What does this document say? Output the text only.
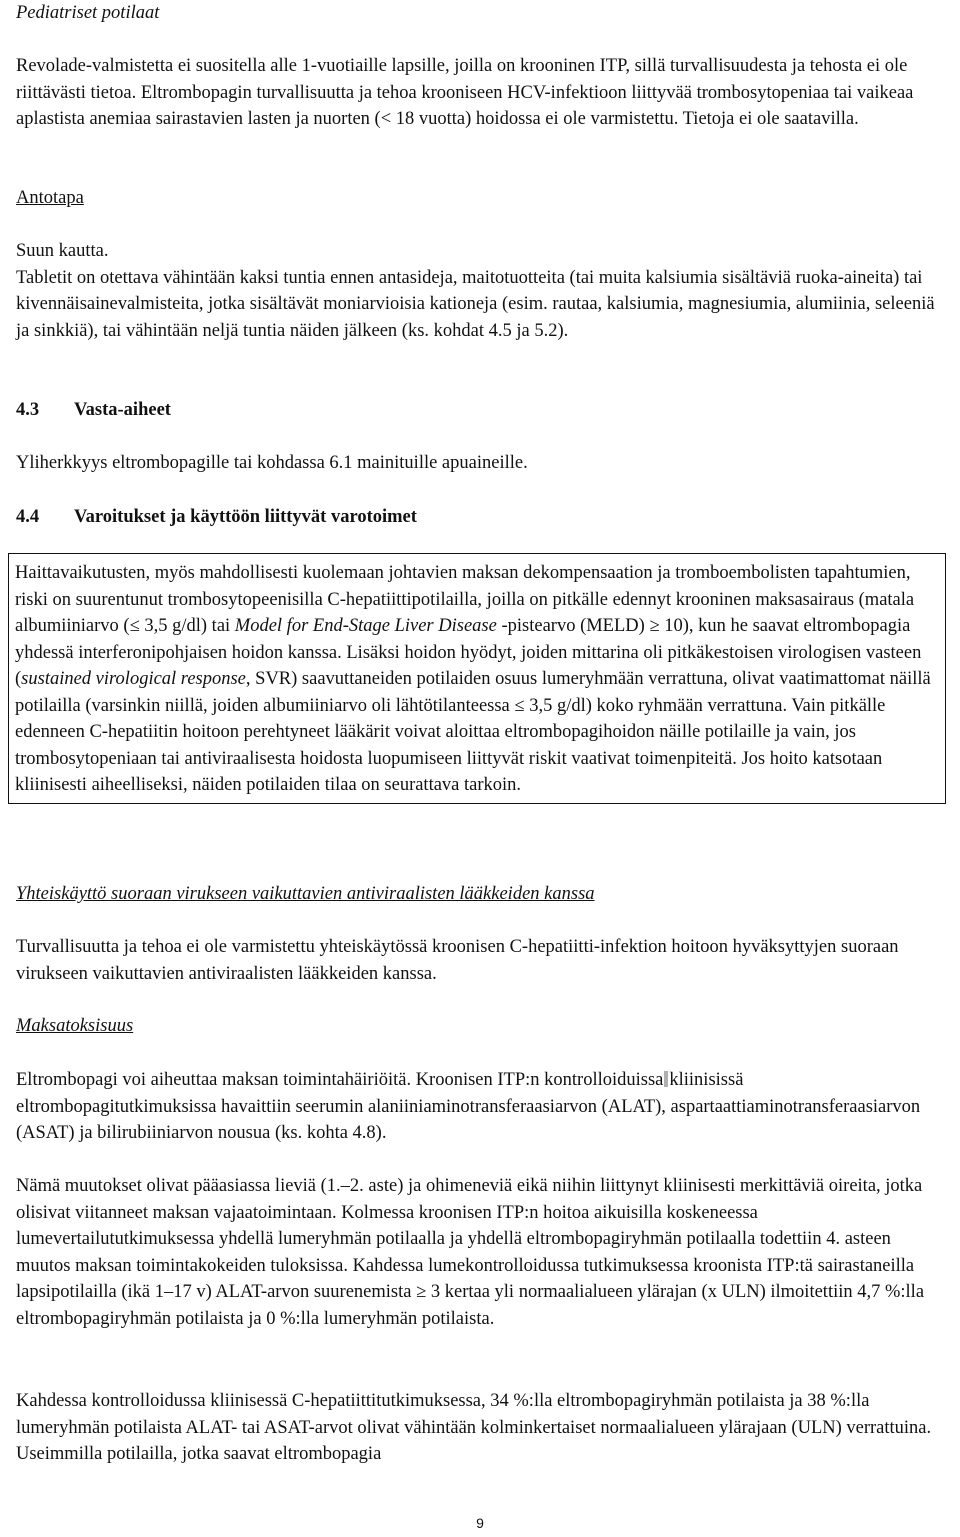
Pediatriset potilaat

Revolade-valmistetta ei suositella alle 1-vuotiaille lapsille, joilla on krooninen ITP, sillä turvallisuudesta ja tehosta ei ole riittävästi tietoa. Eltrombopagin turvallisuutta ja tehoa krooniseen HCV-infektioon liittyvää trombosytopeniaa tai vaikeaa aplastista anemiaa sairastavien lasten ja nuorten (< 18 vuotta) hoidossa ei ole varmistettu. Tietoja ei ole saatavilla.

Antotapa

Suun kautta.
Tabletit on otettava vähintään kaksi tuntia ennen antasideja, maitotuotteita (tai muita kalsiumia sisältäviä ruoka-aineita) tai kivennäisainevalmisteita, jotka sisältävät moniarvioisia kationeja (esim. rautaa, kalsiumia, magnesiumia, alumiinia, seleeniä ja sinkkiä), tai vähintään neljä tuntia näiden jälkeen (ks. kohdat 4.5 ja 5.2).

4.3 Vasta-aiheet

Yliherkkyys eltrombopagille tai kohdassa 6.1 mainituille apuaineille.

4.4 Varoitukset ja käyttöön liittyvät varotoimet

Haittavaikutusten, myös mahdollisesti kuolemaan johtavien maksan dekompensaation ja tromboembolisten tapahtumien, riski on suurentunut trombosytopeenisilla C-hepatiittipotilailla, joilla on pitkälle edennyt krooninen maksasairaus (matala albumiiniarvo (≤ 3,5 g/dl) tai Model for End-Stage Liver Disease -pistearvo (MELD) ≥ 10), kun he saavat eltrombopagia yhdessä interferonipohjaisen hoidon kanssa. Lisäksi hoidon hyödyt, joiden mittarina oli pitkäkestoisen virologisen vasteen (sustained virological response, SVR) saavuttaneiden potilaiden osuus lumeryhmään verrattuna, olivat vaatimattomat näillä potilailla (varsinkin niillä, joiden albumiiniarvo oli lähtötilanteessa ≤ 3,5 g/dl) koko ryhmään verrattuna. Vain pitkälle edenneen C-hepatiitin hoitoon perehtyneet lääkärit voivat aloittaa eltrombopagihoidon näille potilaille ja vain, jos trombosytopeniaan tai antiviraalisesta hoidosta luopumiseen liittyvät riskit vaativat toimenpiteitä. Jos hoito katsotaan kliinisesti aiheelliseksi, näiden potilaiden tilaa on seurattava tarkoin.

Yhteiskäyttö suoraan virukseen vaikuttavien antiviraalisten lääkkeiden kanssa

Turvallisuutta ja tehoa ei ole varmistettu yhteiskäytössä kroonisen C-hepatiitti-infektion hoitoon hyväksyttyjen suoraan virukseen vaikuttavien antiviraalisten lääkkeiden kanssa.

Maksatoksisuus

Eltrombopagi voi aiheuttaa maksan toimintahäiriöitä. Kroonisen ITP:n kontrolloiduissa kliinisissä eltrombopagitutkimuksissa havaittiin seerumin alaniiniaminotransferaasiarvon (ALAT), aspartaattiaminotransferaasiarvon (ASAT) ja bilirubiiniarvon nousua (ks. kohta 4.8).

Nämä muutokset olivat pääasiassa lieviä (1.–2. aste) ja ohimeneviä eikä niihin liittynyt kliinisesti merkittäviä oireita, jotka olisivat viitanneet maksan vajaatoimintaan. Kolmessa kroonisen ITP:n hoitoa aikuisilla koskeneessa lumevertailututkimuksessa yhdellä lumeryhmän potilaalla ja yhdellä eltrombopagiryhmän potilaalla todettiin 4. asteen muutos maksan toimintakokeiden tuloksissa. Kahdessa lumekontrolloidussa tutkimuksessa kroonista ITP:tä sairastaneilla lapsipotilailla (ikä 1–17 v) ALAT-arvon suurenemista ≥ 3 kertaa yli normaalialueen ylärajan (x ULN) ilmoitettiin 4,7 %:lla eltrombopagiryhmän potilaista ja 0 %:lla lumeryhmän potilaista.

Kahdessa kontrolloidussa kliinisessä C-hepatiittitutkimuksessa, 34 %:lla eltrombopagiryhmän potilaista ja 38 %:lla lumeryhmän potilaista ALAT- tai ASAT-arvot olivat vähintään kolminkertaiset normaalialueen ylärajaan (ULN) verrattuina. Useimmilla potilailla, jotka saavat eltrombopagia

9
